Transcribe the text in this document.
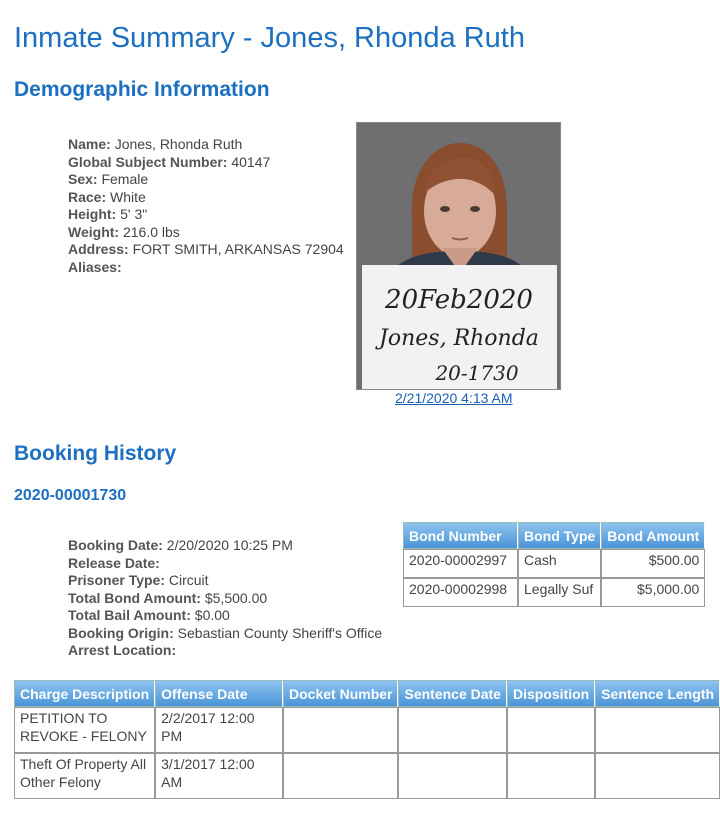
Inmate Summary - Jones, Rhonda Ruth
Demographic Information
Name: Jones, Rhonda Ruth
Global Subject Number: 40147
Sex: Female
Race: White
Height: 5' 3"
Weight: 216.0 lbs
Address: FORT SMITH, ARKANSAS 72904
Aliases:
20Feb2020
Jones, Rhonda
20-1730
2/21/2020 4:13 AM
Booking History
2020-00001730
Booking Date: 2/20/2020 10:25 PM
Release Date:
Prisoner Type: Circuit
Total Bond Amount: $5,500.00
Total Bail Amount: $0.00
Booking Origin: Sebastian County Sheriff's Office
Arrest Location:
Bond Number	Bond Type	Bond Amount
2020-00002997	Cash	$500.00
2020-00002998	Legally Suf	$5,000.00
Charge Description	Offense Date	Docket Number	Sentence Date	Disposition	Sentence Length
PETITION TO REVOKE - FELONY	2/2/2017 12:00 PM				
Theft Of Property All Other Felony	3/1/2017 12:00 AM				
